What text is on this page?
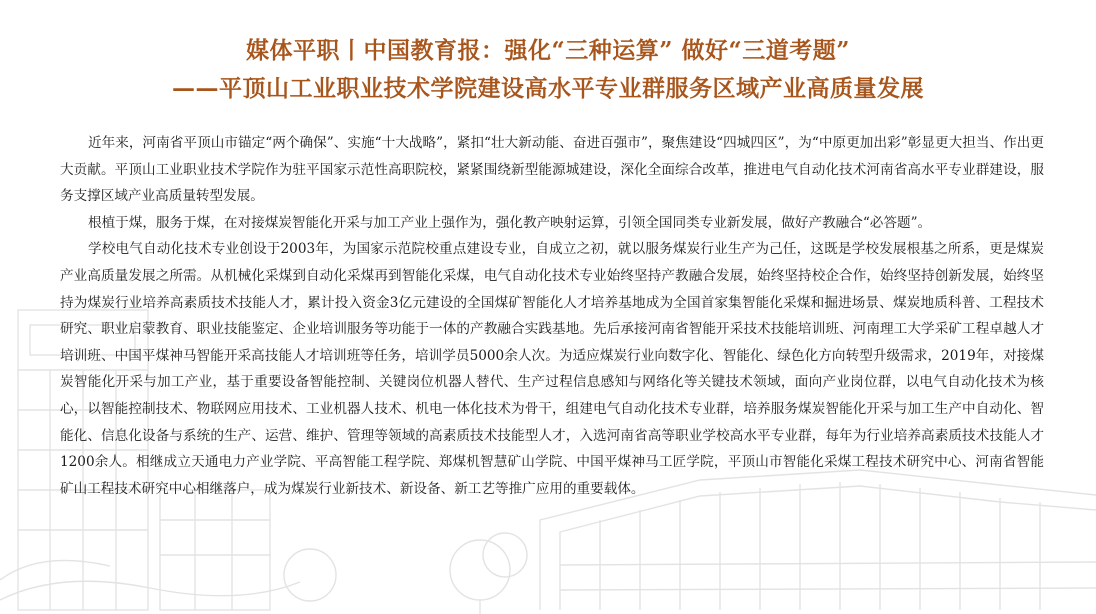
媒体平职丨中国教育报：强化“三种运算” 做好“三道考题”
——平顶山工业职业技术学院建设高水平专业群服务区域产业高质量发展

近年来，河南省平顶山市锚定“两个确保”、实施“十大战略”，紧扣“壮大新动能、奋进百强市”，聚焦建设“四城四区”，为“中原更加出彩”彰显更大担当、作出更大贡献。平顶山工业职业技术学院作为驻平国家示范性高职院校，紧紧围绕新型能源城建设，深化全面综合改革，推进电气自动化技术河南省高水平专业群建设，服务支撑区域产业高质量转型发展。

根植于煤，服务于煤，在对接煤炭智能化开采与加工产业上强作为，强化教产映射运算，引领全国同类专业新发展，做好产教融合“必答题”。

学校电气自动化技术专业创设于2003年，为国家示范院校重点建设专业，自成立之初，就以服务煤炭行业生产为己任，这既是学校发展根基之所系，更是煤炭产业高质量发展之所需。从机械化采煤到自动化采煤再到智能化采煤，电气自动化技术专业始终坚持产教融合发展，始终坚持校企合作，始终坚持创新发展，始终坚持为煤炭行业培养高素质技术技能人才，累计投入资金3亿元建设的全国煤矿智能化人才培养基地成为全国首家集智能化采煤和掘进场景、煤炭地质科普、工程技术研究、职业启蒙教育、职业技能鉴定、企业培训服务等功能于一体的产教融合实践基地。先后承接河南省智能开采技术技能培训班、河南理工大学采矿工程卓越人才培训班、中国平煤神马智能开采高技能人才培训班等任务，培训学员5000余人次。为适应煤炭行业向数字化、智能化、绿色化方向转型升级需求，2019年，对接煤炭智能化开采与加工产业，基于重要设备智能控制、关键岗位机器人替代、生产过程信息感知与网络化等关键技术领域，面向产业岗位群，以电气自动化技术为核心，以智能控制技术、物联网应用技术、工业机器人技术、机电一体化技术为骨干，组建电气自动化技术专业群，培养服务煤炭智能化开采与加工生产中自动化、智能化、信息化设备与系统的生产、运营、维护、管理等领域的高素质技术技能型人才，入选河南省高等职业学校高水平专业群，每年为行业培养高素质技术技能人才1200余人。相继成立天通电力产业学院、平高智能工程学院、郑煤机智慧矿山学院、中国平煤神马工匠学院，平顶山市智能化采煤工程技术研究中心、河南省智能矿山工程技术研究中心相继落户，成为煤炭行业新技术、新设备、新工艺等推广应用的重要载体。
